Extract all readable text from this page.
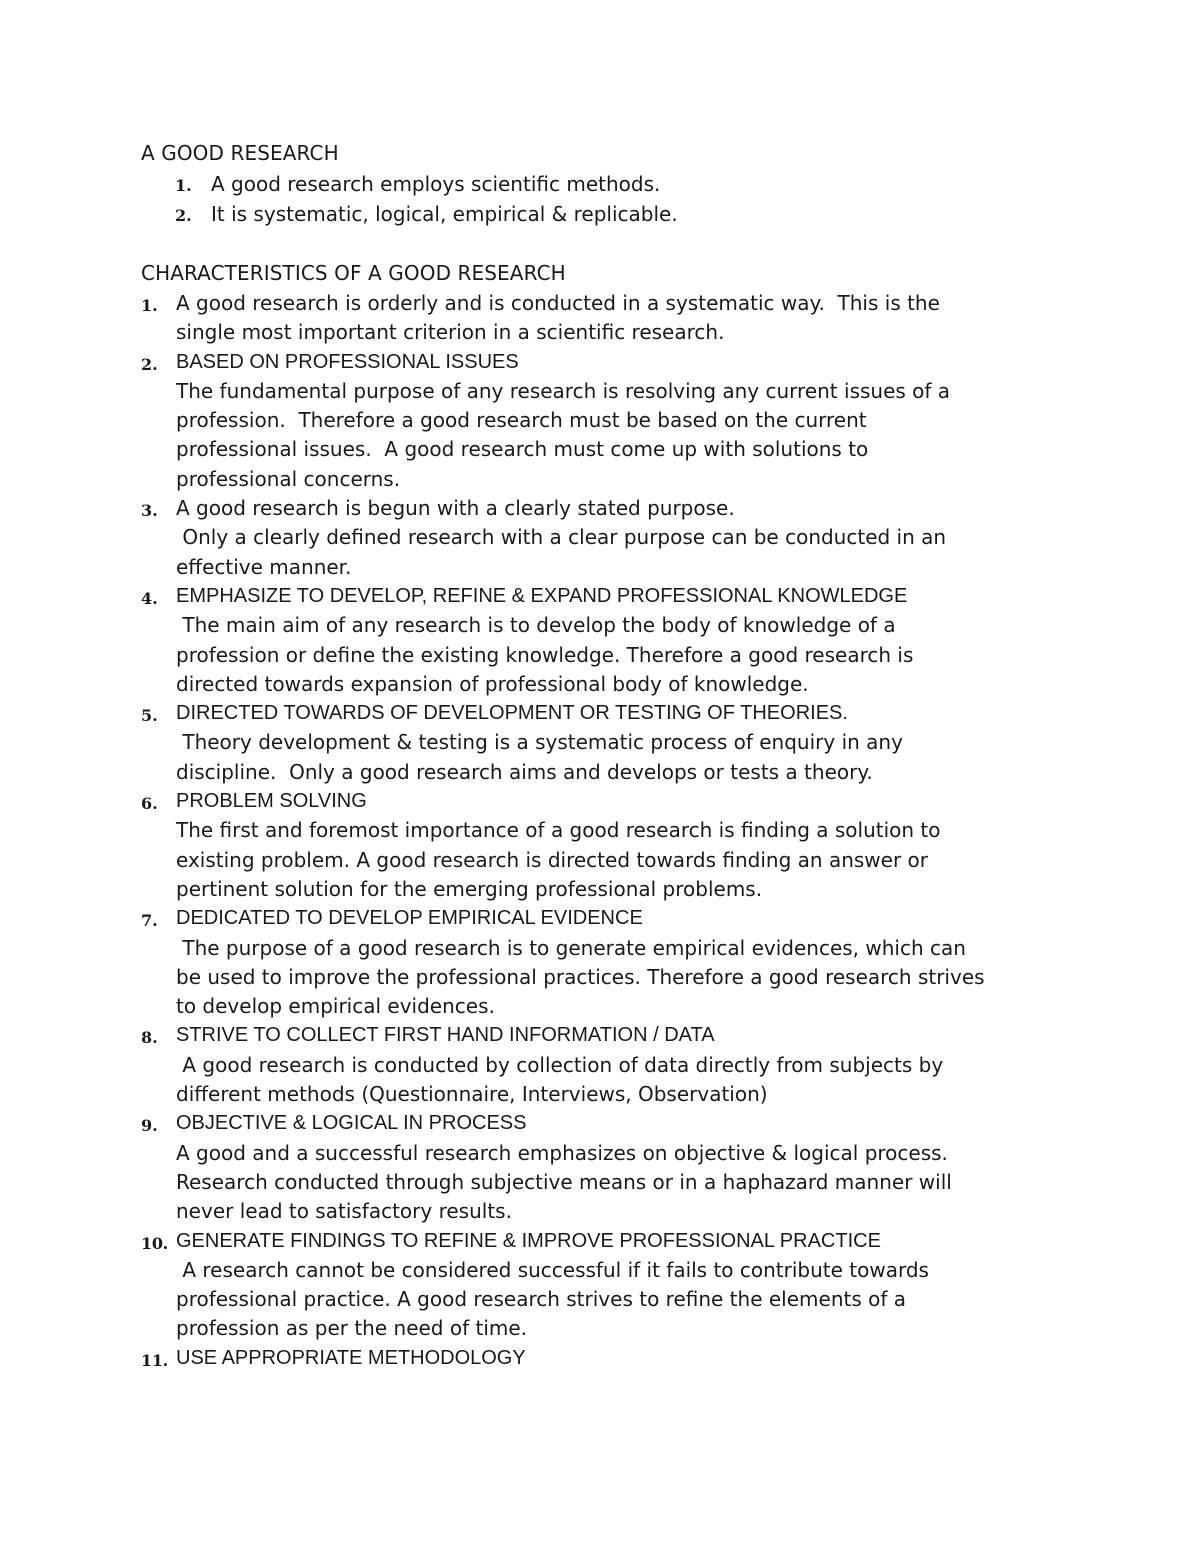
A GOOD RESEARCH
1. A good research employs scientific methods.
2. It is systematic, logical, empirical & replicable.
CHARACTERISTICS OF A GOOD RESEARCH
1. A good research is orderly and is conducted in a systematic way.  This is the
single most important criterion in a scientific research.
2. BASED ON PROFESSIONAL ISSUES
The fundamental purpose of any research is resolving any current issues of a
profession.  Therefore a good research must be based on the current
professional issues.  A good research must come up with solutions to
professional concerns.
3. A good research is begun with a clearly stated purpose.
Only a clearly defined research with a clear purpose can be conducted in an
effective manner.
4. EMPHASIZE TO DEVELOP, REFINE & EXPAND PROFESSIONAL KNOWLEDGE
The main aim of any research is to develop the body of knowledge of a
profession or define the existing knowledge. Therefore a good research is
directed towards expansion of professional body of knowledge.
5. DIRECTED TOWARDS OF DEVELOPMENT OR TESTING OF THEORIES.
Theory development & testing is a systematic process of enquiry in any
discipline.  Only a good research aims and develops or tests a theory.
6. PROBLEM SOLVING
The first and foremost importance of a good research is finding a solution to
existing problem. A good research is directed towards finding an answer or
pertinent solution for the emerging professional problems.
7. DEDICATED TO DEVELOP EMPIRICAL EVIDENCE
The purpose of a good research is to generate empirical evidences, which can
be used to improve the professional practices. Therefore a good research strives
to develop empirical evidences.
8. STRIVE TO COLLECT FIRST HAND INFORMATION / DATA
A good research is conducted by collection of data directly from subjects by
different methods (Questionnaire, Interviews, Observation)
9. OBJECTIVE & LOGICAL IN PROCESS
A good and a successful research emphasizes on objective & logical process.
Research conducted through subjective means or in a haphazard manner will
never lead to satisfactory results.
10. GENERATE FINDINGS TO REFINE & IMPROVE PROFESSIONAL PRACTICE
A research cannot be considered successful if it fails to contribute towards
professional practice. A good research strives to refine the elements of a
profession as per the need of time.
11. USE APPROPRIATE METHODOLOGY
